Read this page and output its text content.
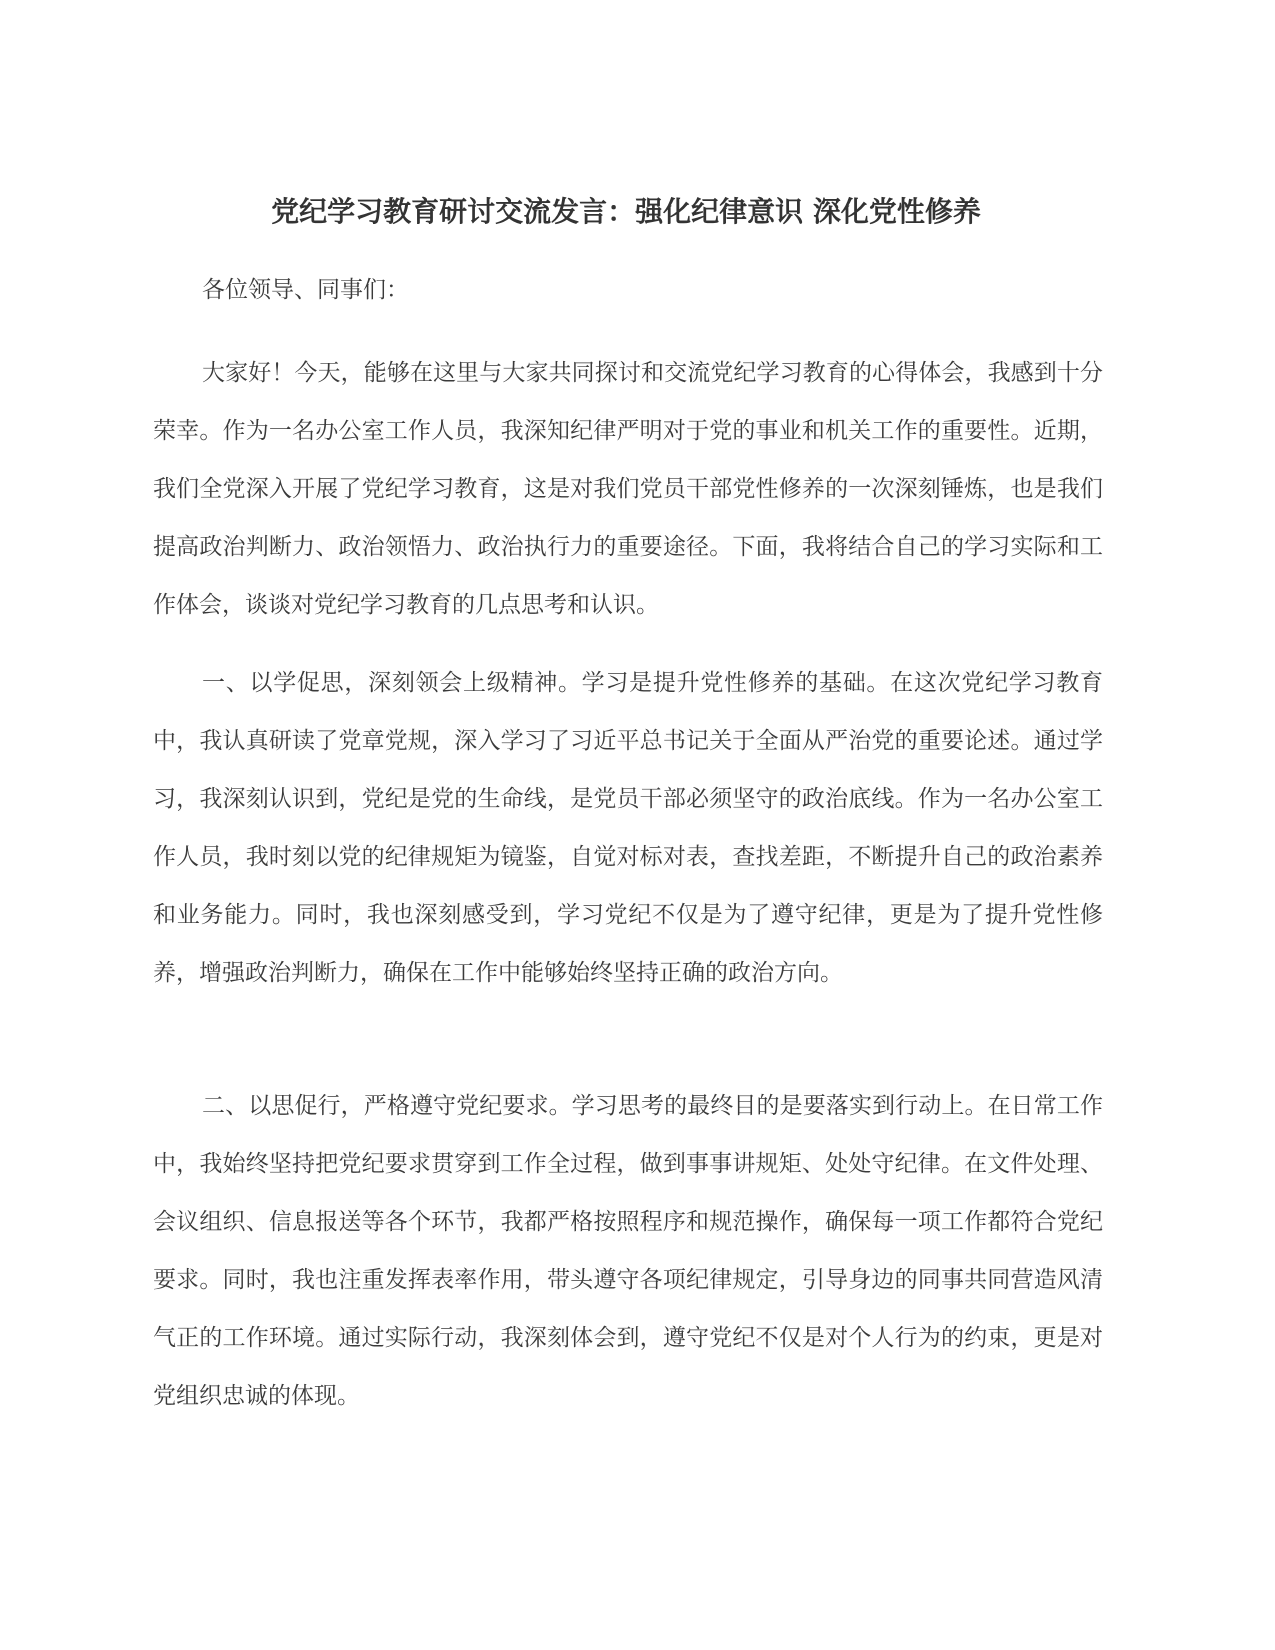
党纪学习教育研讨交流发言：强化纪律意识 深化党性修养

各位领导、同事们：

大家好！今天，能够在这里与大家共同探讨和交流党纪学习教育的心得体会，我感到十分荣幸。作为一名办公室工作人员，我深知纪律严明对于党的事业和机关工作的重要性。近期，我们全党深入开展了党纪学习教育，这是对我们党员干部党性修养的一次深刻锤炼，也是我们提高政治判断力、政治领悟力、政治执行力的重要途径。下面，我将结合自己的学习实际和工作体会，谈谈对党纪学习教育的几点思考和认识。

一、以学促思，深刻领会上级精神。学习是提升党性修养的基础。在这次党纪学习教育中，我认真研读了党章党规，深入学习了习近平总书记关于全面从严治党的重要论述。通过学习，我深刻认识到，党纪是党的生命线，是党员干部必须坚守的政治底线。作为一名办公室工作人员，我时刻以党的纪律规矩为镜鉴，自觉对标对表，查找差距，不断提升自己的政治素养和业务能力。同时，我也深刻感受到，学习党纪不仅是为了遵守纪律，更是为了提升党性修养，增强政治判断力，确保在工作中能够始终坚持正确的政治方向。

二、以思促行，严格遵守党纪要求。学习思考的最终目的是要落实到行动上。在日常工作中，我始终坚持把党纪要求贯穿到工作全过程，做到事事讲规矩、处处守纪律。在文件处理、会议组织、信息报送等各个环节，我都严格按照程序和规范操作，确保每一项工作都符合党纪要求。同时，我也注重发挥表率作用，带头遵守各项纪律规定，引导身边的同事共同营造风清气正的工作环境。通过实际行动，我深刻体会到，遵守党纪不仅是对个人行为的约束，更是对党组织忠诚的体现。
